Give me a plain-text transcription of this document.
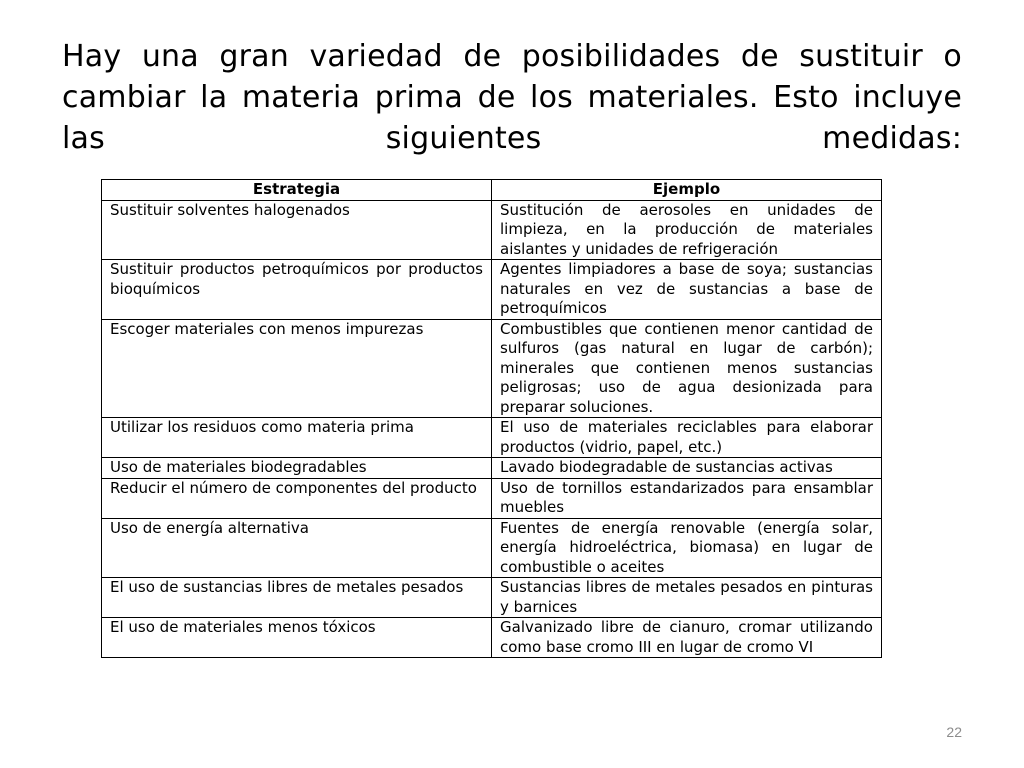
Hay una gran variedad de posibilidades de sustituir o cambiar la materia prima de los materiales. Esto incluye las siguientes medidas:

Estrategia	Ejemplo
Sustituir solventes halogenados	Sustitución de aerosoles en unidades de limpieza, en la producción de materiales aislantes y unidades de refrigeración
Sustituir productos petroquímicos por productos bioquímicos	Agentes limpiadores a base de soya; sustancias naturales en vez de sustancias a base de petroquímicos
Escoger materiales con menos impurezas	Combustibles que contienen menor cantidad de sulfuros (gas natural en lugar de carbón); minerales que contienen menos sustancias peligrosas; uso de agua desionizada para preparar soluciones.
Utilizar los residuos como materia prima	El uso de materiales reciclables para elaborar productos (vidrio, papel, etc.)
Uso de materiales biodegradables	Lavado biodegradable de sustancias activas
Reducir el número de componentes del producto	Uso de tornillos estandarizados para ensamblar muebles
Uso de energía alternativa	Fuentes de energía renovable (energía solar, energía hidroeléctrica, biomasa) en lugar de combustible o aceites
El uso de sustancias libres de metales pesados	Sustancias libres de metales pesados en pinturas y barnices
El uso de materiales menos tóxicos	Galvanizado libre de cianuro, cromar utilizando como base cromo III en lugar de cromo VI
22
